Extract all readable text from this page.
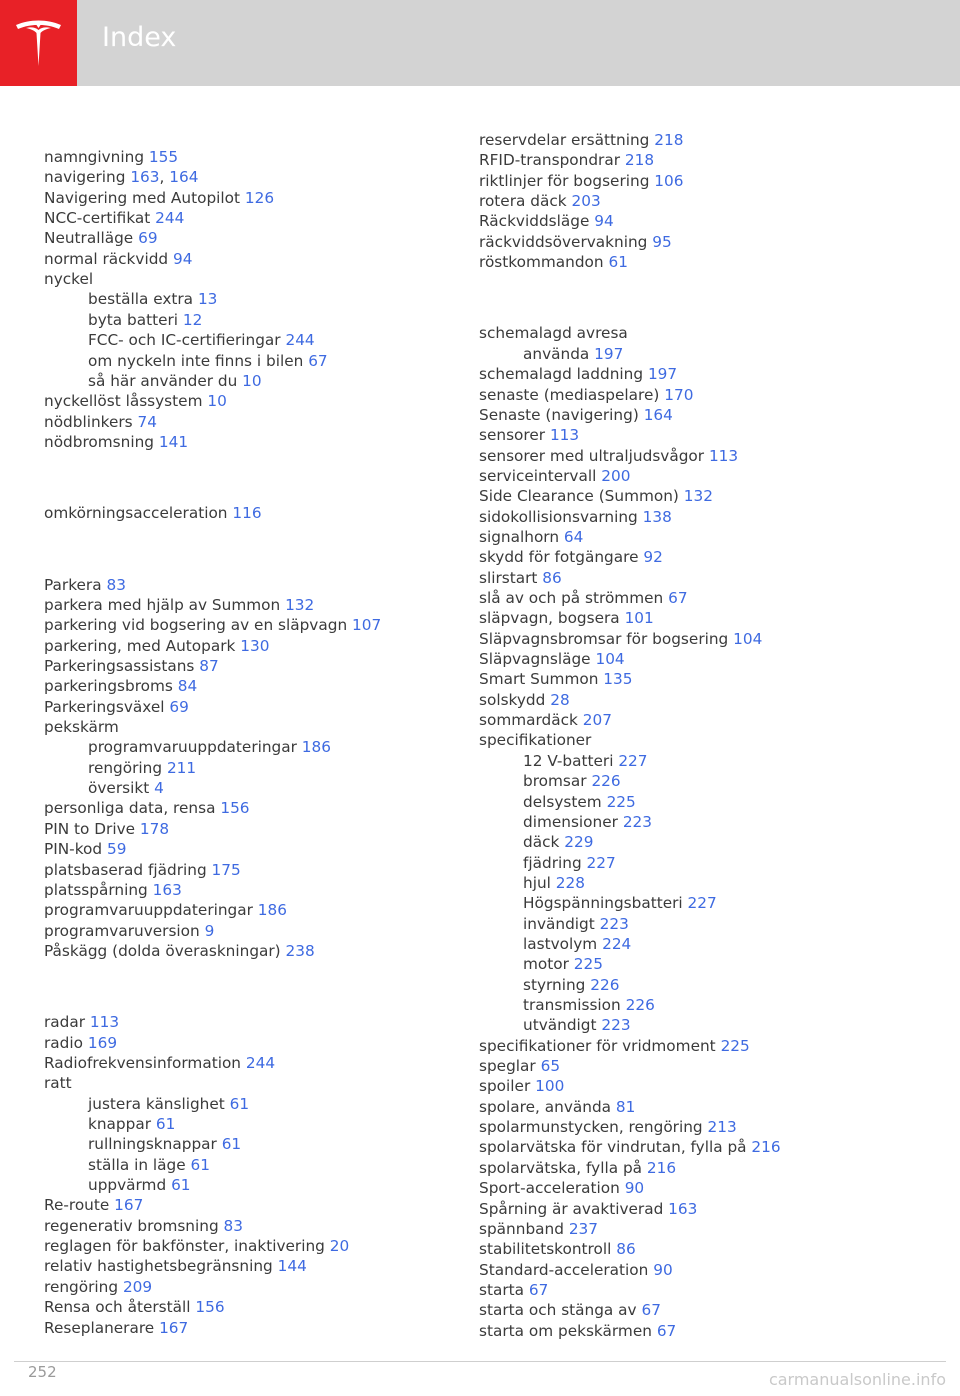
Index
namngivning 155
navigering 163, 164
Navigering med Autopilot 126
NCC-certifikat 244
Neutralläge 69
normal räckvidd 94
nyckel
beställa extra 13
byta batteri 12
FCC- och IC-certifieringar 244
om nyckeln inte finns i bilen 67
så här använder du 10
nyckellöst låssystem 10
nödblinkers 74
nödbromsning 141
omkörningsacceleration 116
Parkera 83
parkera med hjälp av Summon 132
parkering vid bogsering av en släpvagn 107
parkering, med Autopark 130
Parkeringsassistans 87
parkeringsbroms 84
Parkeringsväxel 69
pekskärm
programvaruuppdateringar 186
rengöring 211
översikt 4
personliga data, rensa 156
PIN to Drive 178
PIN-kod 59
platsbaserad fjädring 175
platsspårning 163
programvaruuppdateringar 186
programvaruversion 9
Påskägg (dolda överaskningar) 238
radar 113
radio 169
Radiofrekvensinformation 244
ratt
justera känslighet 61
knappar 61
rullningsknappar 61
ställa in läge 61
uppvärmd 61
Re-route 167
regenerativ bromsning 83
reglagen för bakfönster, inaktivering 20
relativ hastighetsbegränsning 144
rengöring 209
Rensa och återställ 156
Reseplanerare 167
reservdelar ersättning 218
RFID-transpondrar 218
riktlinjer för bogsering 106
rotera däck 203
Räckviddsläge 94
räckviddsövervakning 95
röstkommandon 61
schemalagd avresa
använda 197
schemalagd laddning 197
senaste (mediaspelare) 170
Senaste (navigering) 164
sensorer 113
sensorer med ultraljudsvågor 113
serviceintervall 200
Side Clearance (Summon) 132
sidokollisionsvarning 138
signalhorn 64
skydd för fotgängare 92
slirstart 86
slå av och på strömmen 67
släpvagn, bogsera 101
Släpvagnsbromsar för bogsering 104
Släpvagnsläge 104
Smart Summon 135
solskydd 28
sommardäck 207
specifikationer
12 V-batteri 227
bromsar 226
delsystem 225
dimensioner 223
däck 229
fjädring 227
hjul 228
Högspänningsbatteri 227
invändigt 223
lastvolym 224
motor 225
styrning 226
transmission 226
utvändigt 223
specifikationer för vridmoment 225
speglar 65
spoiler 100
spolare, använda 81
spolarmunstycken, rengöring 213
spolarvätska för vindrutan, fylla på 216
spolarvätska, fylla på 216
Sport-acceleration 90
Spårning är avaktiverad 163
spännband 237
stabilitetskontroll 86
Standard-acceleration 90
starta 67
starta och stänga av 67
starta om pekskärmen 67
252	carmanualsonline.info
